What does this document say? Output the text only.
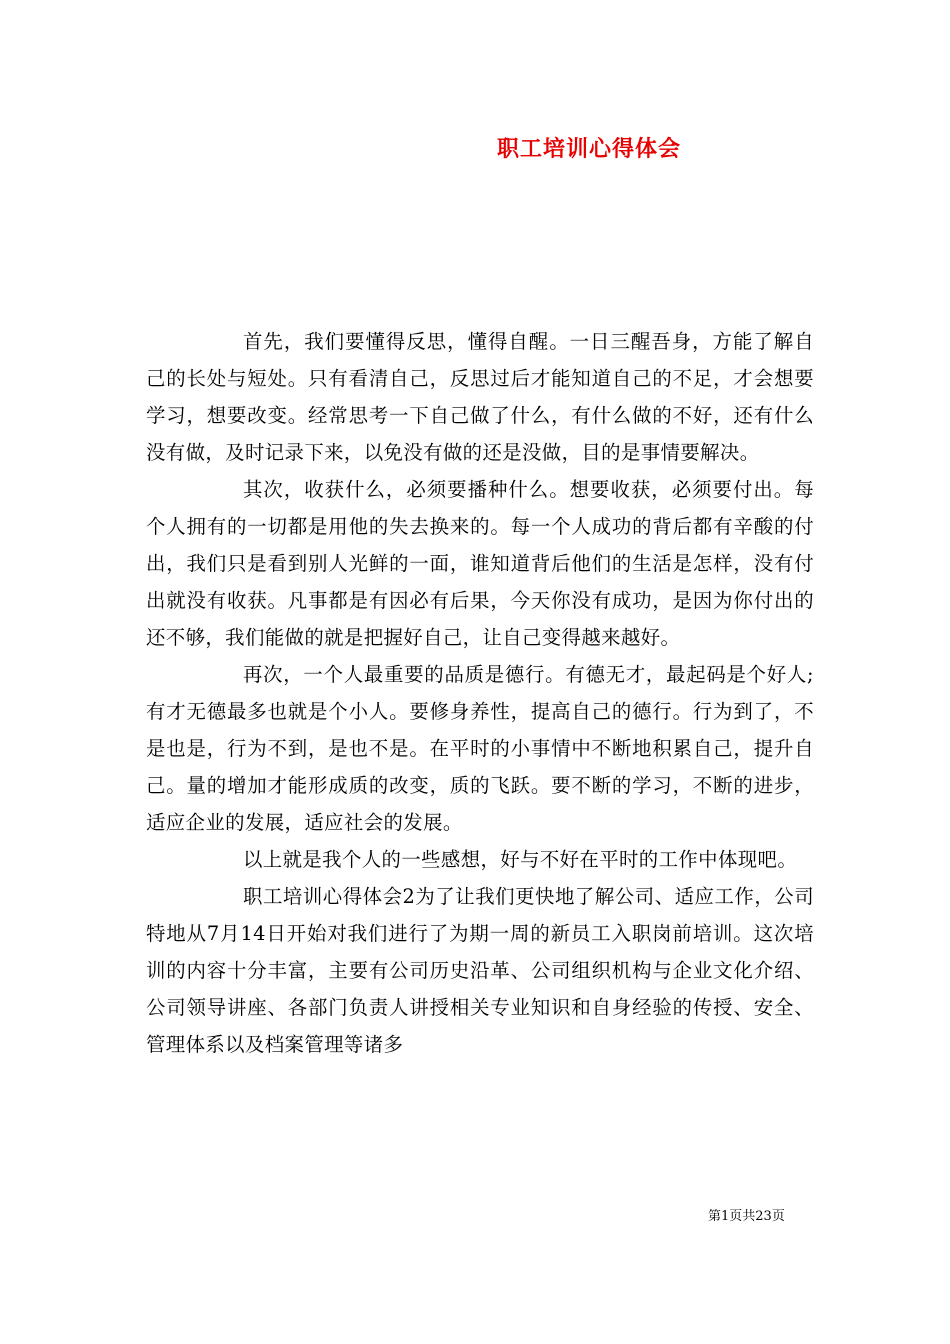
职工培训心得体会

首先，我们要懂得反思，懂得自醒。一日三醒吾身，方能了解自己的长处与短处。只有看清自己，反思过后才能知道自己的不足，才会想要学习，想要改变。经常思考一下自己做了什么，有什么做的不好，还有什么没有做，及时记录下来，以免没有做的还是没做，目的是事情要解决。

其次，收获什么，必须要播种什么。想要收获，必须要付出。每个人拥有的一切都是用他的失去换来的。每一个人成功的背后都有辛酸的付出，我们只是看到别人光鲜的一面，谁知道背后他们的生活是怎样，没有付出就没有收获。凡事都是有因必有后果，今天你没有成功，是因为你付出的还不够，我们能做的就是把握好自己，让自己变得越来越好。

再次，一个人最重要的品质是德行。有德无才，最起码是个好人;有才无德最多也就是个小人。要修身养性，提高自己的德行。行为到了，不是也是，行为不到，是也不是。在平时的小事情中不断地积累自己，提升自己。量的增加才能形成质的改变，质的飞跃。要不断的学习，不断的进步，适应企业的发展，适应社会的发展。

以上就是我个人的一些感想，好与不好在平时的工作中体现吧。

职工培训心得体会2为了让我们更快地了解公司、适应工作，公司特地从7月14日开始对我们进行了为期一周的新员工入职岗前培训。这次培训的内容十分丰富，主要有公司历史沿革、公司组织机构与企业文化介绍、公司领导讲座、各部门负责人讲授相关专业知识和自身经验的传授、安全、管理体系以及档案管理等诸多

第1页共23页
